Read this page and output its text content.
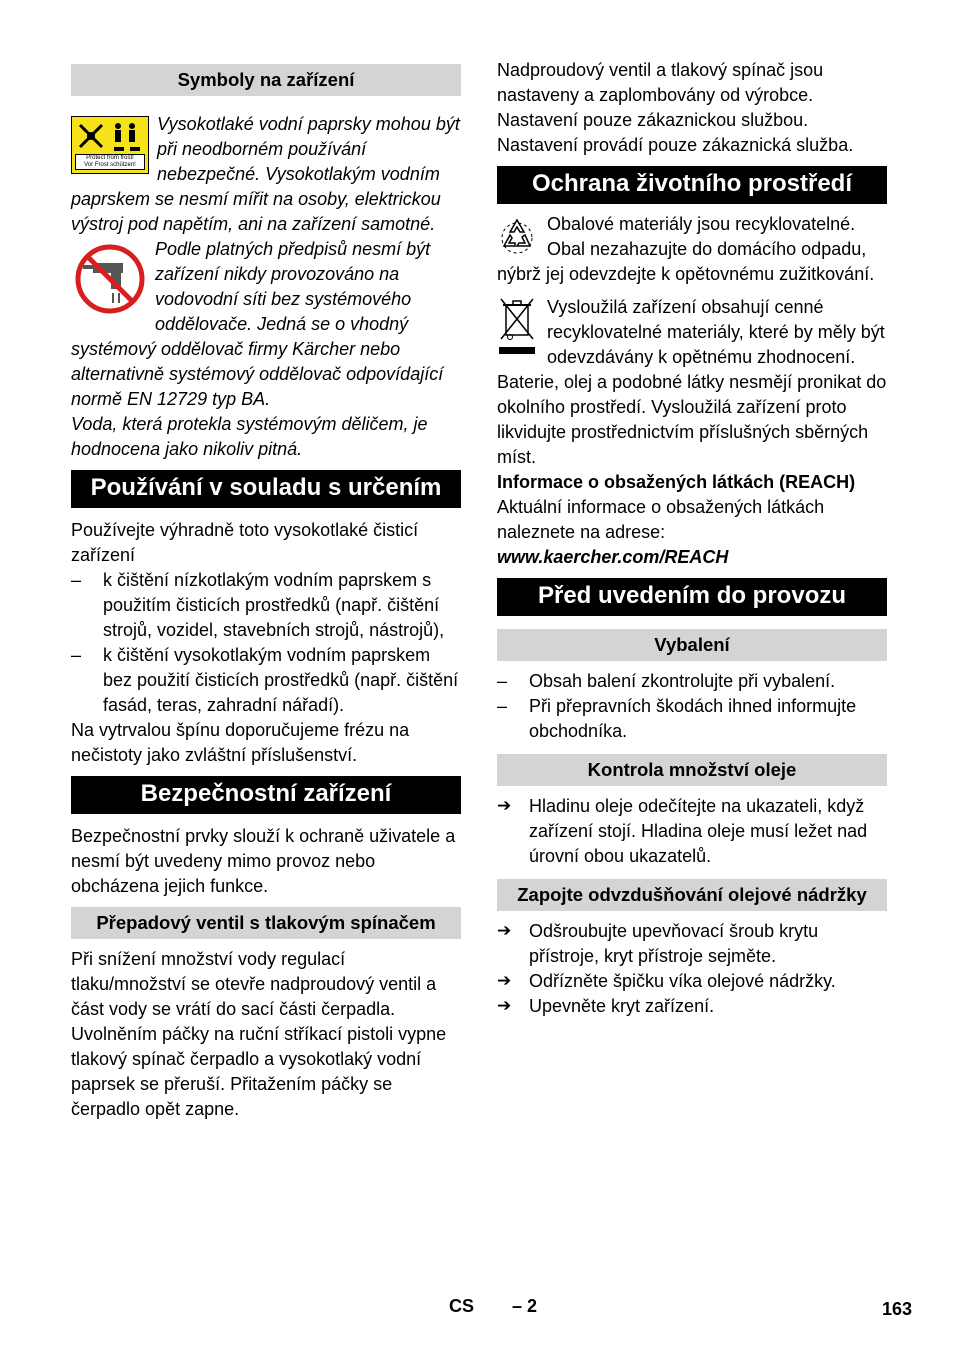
Symboly na zařízení
Protect from frost!
Vor Frost schützen!

Vysokotlaké vodní paprsky mohou být při neodborném používání nebezpečné. Vysokotlakým vodním paprskem se nesmí mířit na osoby, elektrickou výstroj pod napětím, ani na zařízení samotné.

Podle platných předpisů nesmí být zařízení nikdy provozováno na vodovodní síti bez systémového oddělovače. Jedná se o vhodný systémový oddělovač firmy Kärcher nebo alternativně systémový oddělovač odpovídající normě EN 12729 typ BA.

Voda, která protekla systémovým děličem, je hodnocena jako nikoliv pitná.

Používání v souladu s určením

Používejte výhradně toto vysokotlaké čisticí zařízení

– k čištění nízkotlakým vodním paprskem s použitím čisticích prostředků (např. čištění strojů, vozidel, stavebních strojů, nástrojů),
– k čištění vysokotlakým vodním paprskem bez použití čisticích prostředků (např. čištění fasád, teras, zahradní nářadí).

Na vytrvalou špínu doporučujeme frézu na nečistoty jako zvláštní příslušenství.

Bezpečnostní zařízení

Bezpečnostní prvky slouží k ochraně uživatele a nesmí být uvedeny mimo provoz nebo obcházena jejich funkce.

Přepadový ventil s tlakovým spínačem

Při snížení množství vody regulací tlaku/množství se otevře nadproudový ventil a část vody se vrátí do sací části čerpadla. Uvolněním páčky na ruční stříkací pistoli vypne tlakový spínač čerpadlo a vysokotlaký vodní paprsek se přeruší. Přitažením páčky se čerpadlo opět zapne.

Nadproudový ventil a tlakový spínač jsou nastaveny a zaplombovány od výrobce. Nastavení pouze zákaznickou službou. Nastavení provádí pouze zákaznická služba.

Ochrana životního prostředí

Obalové materiály jsou recyklovatelné. Obal nezahazujte do domácího odpadu, nýbrž jej odevzdejte k opětovnému zužitkování.

Vysloužilá zařízení obsahují cenné recyklovatelné materiály, které by měly být odevzdávány k opětnému zhodnocení. Baterie, olej a podobné látky nesmějí pronikat do okolního prostředí. Vysloužilá zařízení proto likvidujte prostřednictvím příslušných sběrných míst.

Informace o obsažených látkách (REACH)

Aktuální informace o obsažených látkách naleznete na adrese:

www.kaercher.com/REACH

Před uvedením do provozu
Vybalení
– Obsah balení zkontrolujte při vybalení.
– Při přepravních škodách ihned informujte obchodníka.
Kontrola množství oleje
➔ Hladinu oleje odečítejte na ukazateli, když zařízení stojí. Hladina oleje musí ležet nad úrovní obou ukazatelů.
Zapojte odvzdušňování olejové nádržky
➔ Odšroubujte upevňovací šroub krytu přístroje, kryt přístroje sejměte.
➔ Odřízněte špičku víka olejové nádržky.
➔ Upevněte kryt zařízení.
CS – 2	163
